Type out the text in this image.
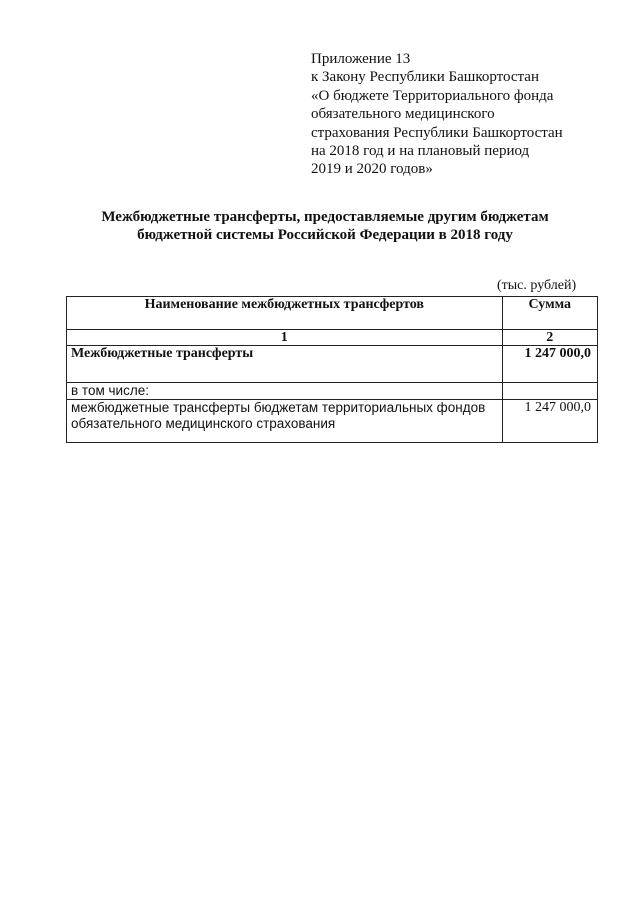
Приложение 13
к Закону Республики Башкортостан
«О бюджете Территориального фонда
обязательного медицинского
страхования Республики Башкортостан
на 2018 год и на плановый период
2019 и 2020 годов»
Межбюджетные трансферты, предоставляемые другим бюджетам
бюджетной системы Российской Федерации в 2018 году
(тыс. рублей)
Наименование межбюджетных трансфертов	Сумма
1	2
Межбюджетные трансферты	1 247 000,0
в том числе:	
межбюджетные трансферты бюджетам территориальных фондов обязательного медицинского страхования	1 247 000,0
